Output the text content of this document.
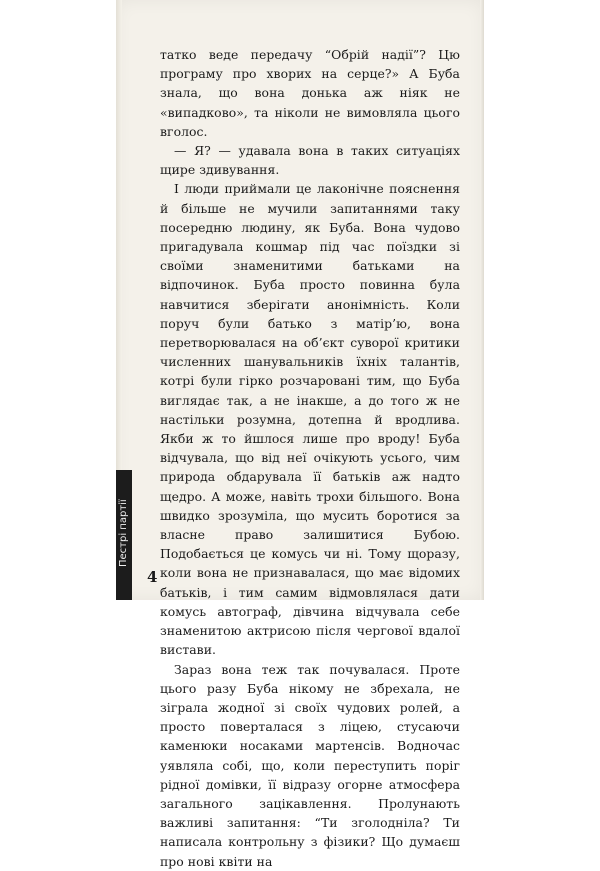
татко веде передачу “Обрій надії”? Цю програму про хворих на серце?» А Буба знала, що вона донька аж ніяк не «випадково», та ніколи не вимовляла цього вголос.

— Я? — удавала вона в таких ситуаціях щире здивування.

І люди приймали це лаконічне пояснення й більше не мучили запитаннями таку посередню людину, як Буба. Вона чудово пригадувала кошмар під час поїздки зі своїми знаменитими батьками на відпочинок. Буба просто повинна була навчитися зберігати анонімність. Коли поруч були батько з матір’ю, вона перетворювалася на об’єкт суворої критики численних шанувальників їхніх талантів, котрі були гірко розчаровані тим, що Буба виглядає так, а не інакше, а до того ж не настільки розумна, дотепна й вродлива. Якби ж то йшлося лише про вроду! Буба відчувала, що від неї очікують усього, чим природа обдарувала її батьків аж надто щедро. А може, навіть трохи більшого. Вона швидко зрозуміла, що мусить боротися за власне право залишитися Бубою. Подобається це комусь чи ні. Тому щоразу, коли вона не признавалася, що має відомих батьків, і тим самим відмовлялася дати комусь автограф, дівчина відчувала себе знаменитою актрисою після чергової вдалої вистави.

Зараз вона теж так почувалася. Проте цього разу Буба нікому не збрехала, не зіграла жодної зі своїх чудових ролей, а просто поверталася з ліцею, стусаючи каменюки носаками мартенсів. Водночас уявляла собі, що, коли переступить поріг рідної домівки, її відразу огорне атмосфера загального зацікавлення. Пролунають важливі запитання: “Ти зголодніла? Ти написала контрольну з фізики? Що думаєш про нові квіти на

Пестрі партії
4
